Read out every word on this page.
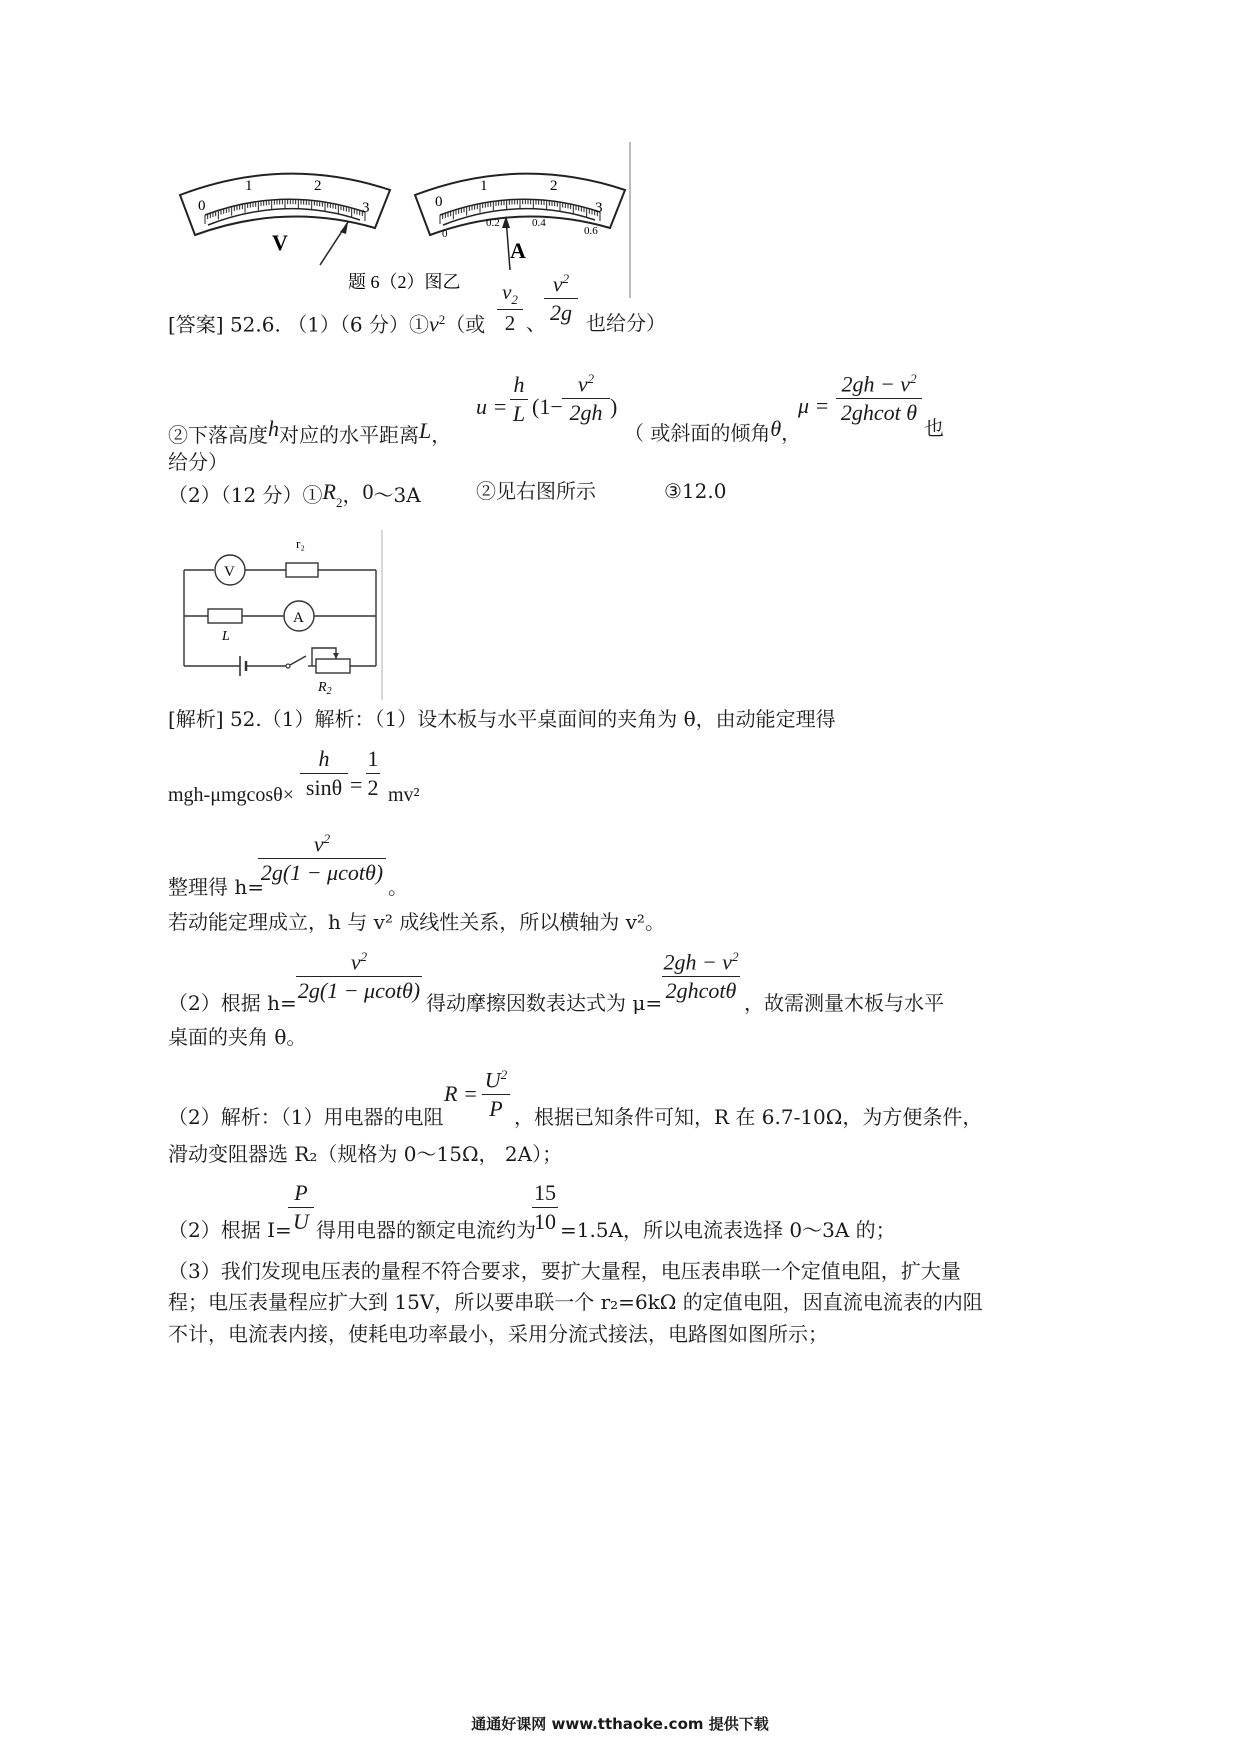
0
1	2
3
V
0
1	2
3
0
0.2	0.4
0.6
A
题 6（2）图乙
[答案] 52.6. （1）（6 分）$①v^2$（或
$v_2$
2 、
$v^2$
2g 也给分）
②下落高度h对应的水平距离L，
u =
h
L (1−
$v^2$
2gh )
（ 或斜面的倾角θ，
μ =
$2gh - v^2$
2ghcot θ
也
给分）
（2）（12 分）$①R_2$，0～3A	②见右图所示	③12.0
r₂
V
A
L
$R_2$
[解析] 52.（1）解析：（1）设木板与水平桌面间的夹角为 θ，由动能定理得
mgh-μmgcosθ×
h
sinθ =
1
2 mv²
整理得 h=
$v^2$
2g(1 − μcotθ)
。
若动能定理成立，h 与 v² 成线性关系，所以横轴为 v²。
（2）根据 h=
$v^2$
2g(1 − μcotθ) 得动摩擦因数表达式为 μ=
$2gh - v^2$
2ghcotθ ，故需测量木板与水平
桌面的夹角 θ。
（2）解析：（1）用电器的电阻
R =
$U^2$
P ，根据已知条件可知，R 在 6.7-10Ω，为方便条件，
滑动变阻器选 R₂（规格为 0～15Ω， 2A）；
（2）根据 I=
P
U 得用电器的额定电流约为
15
10 =1.5A，所以电流表选择 0～3A 的；
（3）我们发现电压表的量程不符合要求，要扩大量程，电压表串联一个定值电阻，扩大量
程；电压表量程应扩大到 15V，所以要串联一个 r₂=6kΩ 的定值电阻，因直流电流表的内阻
不计，电流表内接，使耗电功率最小，采用分流式接法，电路图如图所示；
通通好课网 www.tthaoke.com 提供下载
